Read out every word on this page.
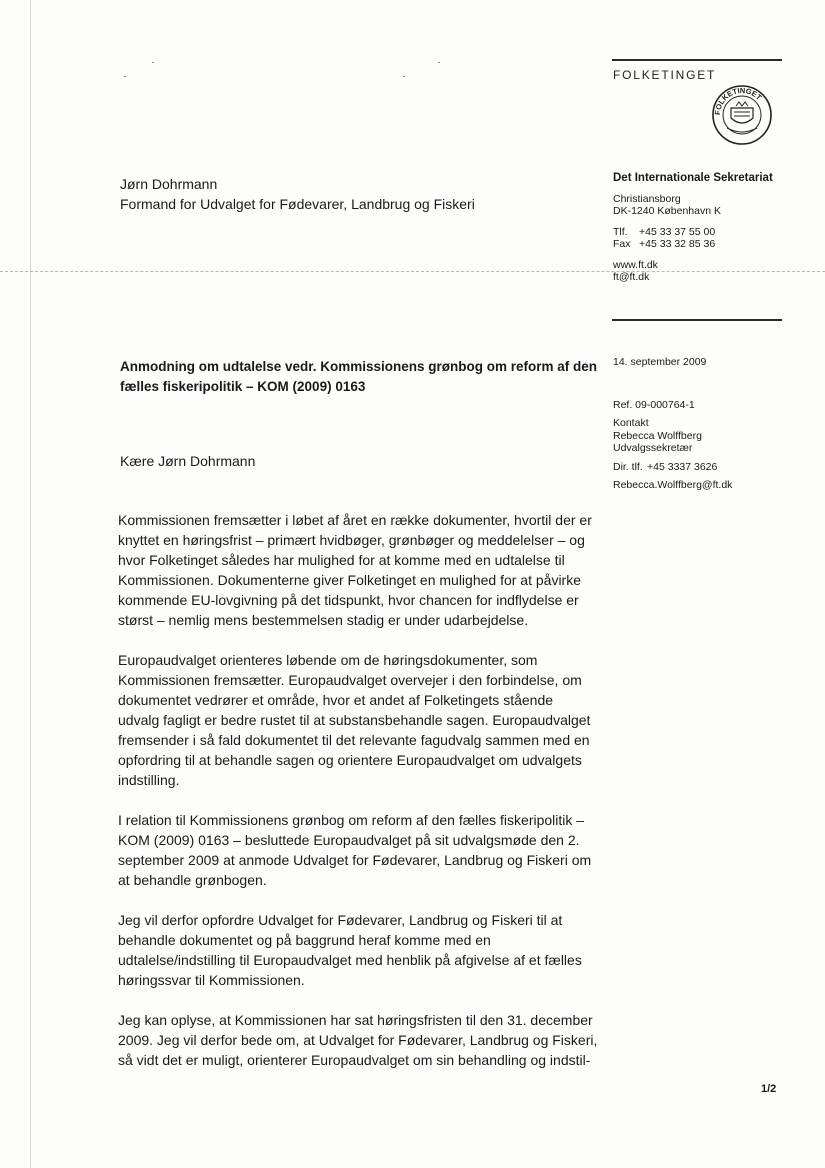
FOLKETINGET
FOLKETINGET
Jørn Dohrmann
Formand for Udvalget for Fødevarer, Landbrug og Fiskeri
Det Internationale Sekretariat
Christiansborg
DK-1240 København K
Tlf.	+45 33 37 55 00
Fax +45 33 32 85 36
www.ft.dk
ft@ft.dk
14. september 2009
Ref. 09-000764-1
Kontakt
Rebecca Wolffberg
Udvalgssekretær
Dir. tlf. +45 3337 3626
Rebecca.Wolffberg@ft.dk
Anmodning om udtalelse vedr. Kommissionens grønbog om reform af den fælles fiskeripolitik – KOM (2009) 0163
Kære Jørn Dohrmann

Kommissionen fremsætter i løbet af året en række dokumenter, hvortil der er knyttet en høringsfrist – primært hvidbøger, grønbøger og meddelelser – og hvor Folketinget således har mulighed for at komme med en udtalelse til Kommissionen. Dokumenterne giver Folketinget en mulighed for at påvirke kommende EU-lovgivning på det tidspunkt, hvor chancen for indflydelse er størst – nemlig mens bestemmelsen stadig er under udarbejdelse.

Europaudvalget orienteres løbende om de høringsdokumenter, som Kommissionen fremsætter. Europaudvalget overvejer i den forbindelse, om dokumentet vedrører et område, hvor et andet af Folketingets stående udvalg fagligt er bedre rustet til at substansbehandle sagen. Europaudvalget fremsender i så fald dokumentet til det relevante fagudvalg sammen med en opfordring til at behandle sagen og orientere Europaudvalget om udvalgets indstilling.

I relation til Kommissionens grønbog om reform af den fælles fiskeripolitik – KOM (2009) 0163 – besluttede Europaudvalget på sit udvalgsmøde den 2. september 2009 at anmode Udvalget for Fødevarer, Landbrug og Fiskeri om at behandle grønbogen.

Jeg vil derfor opfordre Udvalget for Fødevarer, Landbrug og Fiskeri til at behandle dokumentet og på baggrund heraf komme med en udtalelse/indstilling til Europaudvalget med henblik på afgivelse af et fælles høringssvar til Kommissionen.

Jeg kan oplyse, at Kommissionen har sat høringsfristen til den 31. december 2009. Jeg vil derfor bede om, at Udvalget for Fødevarer, Landbrug og Fiskeri, så vidt det er muligt, orienterer Europaudvalget om sin behandling og indstil-

1/2
